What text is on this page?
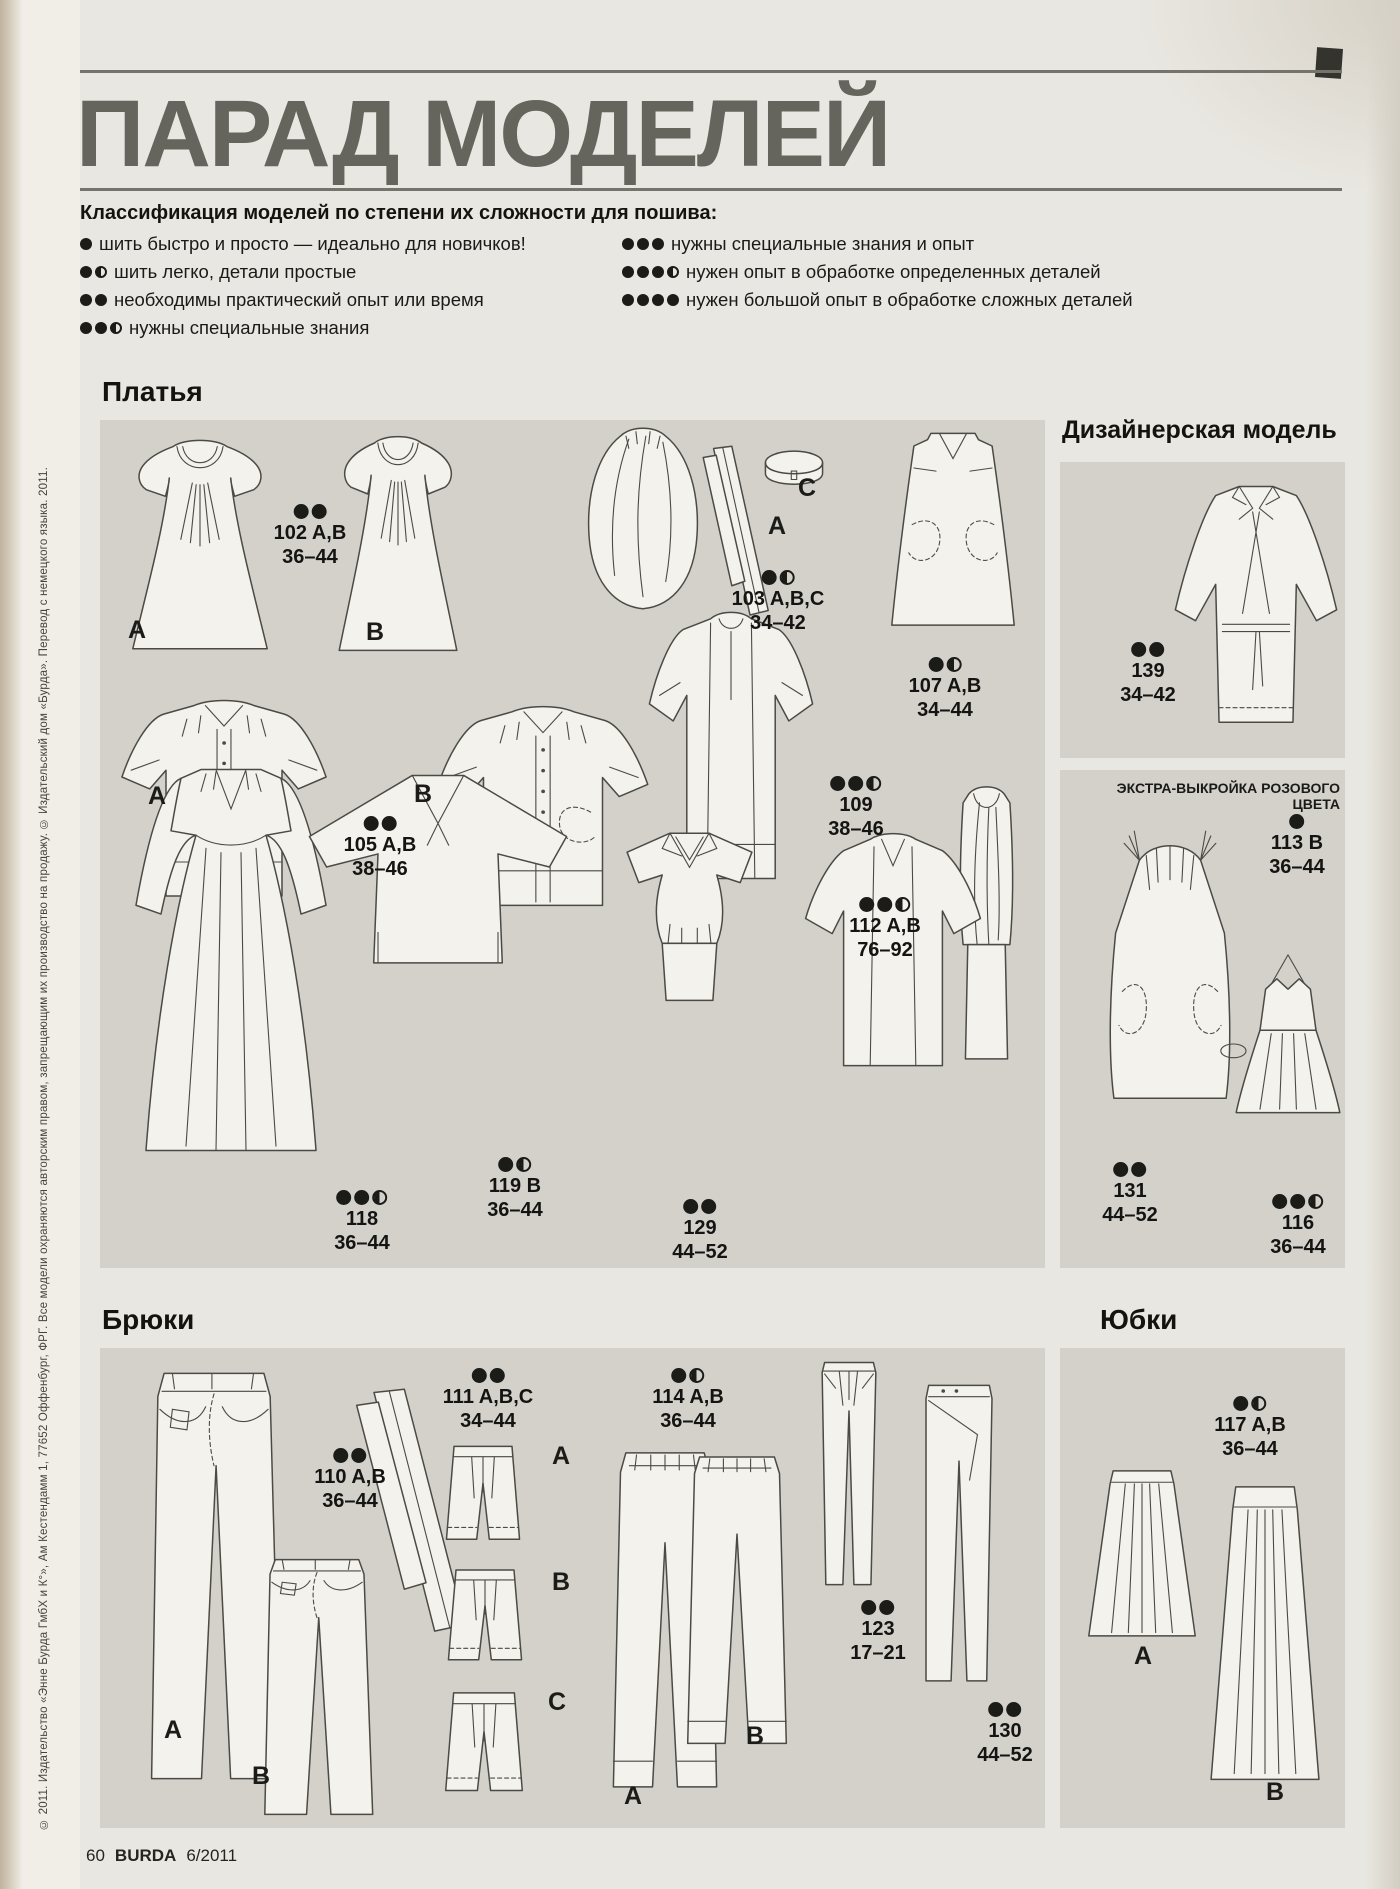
ПАРАД МОДЕЛЕЙ
Классификация моделей по степени их сложности для пошива:
шить быстро и просто — идеально для новичков!
шить легко, детали простые
необходимы практический опыт или время
нужны специальные знания
нужны специальные знания и опыт
нужен опыт в обработке определенных деталей
нужен большой опыт в обработке сложных деталей
Платья
Дизайнерская модель
ЭКСТРА-ВЫКРОЙКА РОЗОВОГО ЦВЕТА
102 A,B
36–44
103 A,B,C
34–42
107 A,B
34–44
139
34–42
105 A,B
38–46
109
38–46
112 A,B
76–92
113 B
36–44
118
36–44
119 B
36–44
129
44–52
131
44–52	116
36–44
A	B
A
C
A	B
Брюки
110 A,B
36–44
111 A,B,C
34–44
114 A,B
36–44
123
17–21
130
44–52
A
B
A
B
C
A
B
Юбки
117 A,B
36–44
A
B
60 BURDA 6/2011
© 2011. Издательство «Энне Бурда ГмбХ и К°», Ам Кестендамм 1, 77652 Оффенбург, ФРГ. Все модели охраняются авторским правом, запрещающим их производство на продажу. © Издательский дом «Бурда». Перевод с немецкого языка. 2011.
